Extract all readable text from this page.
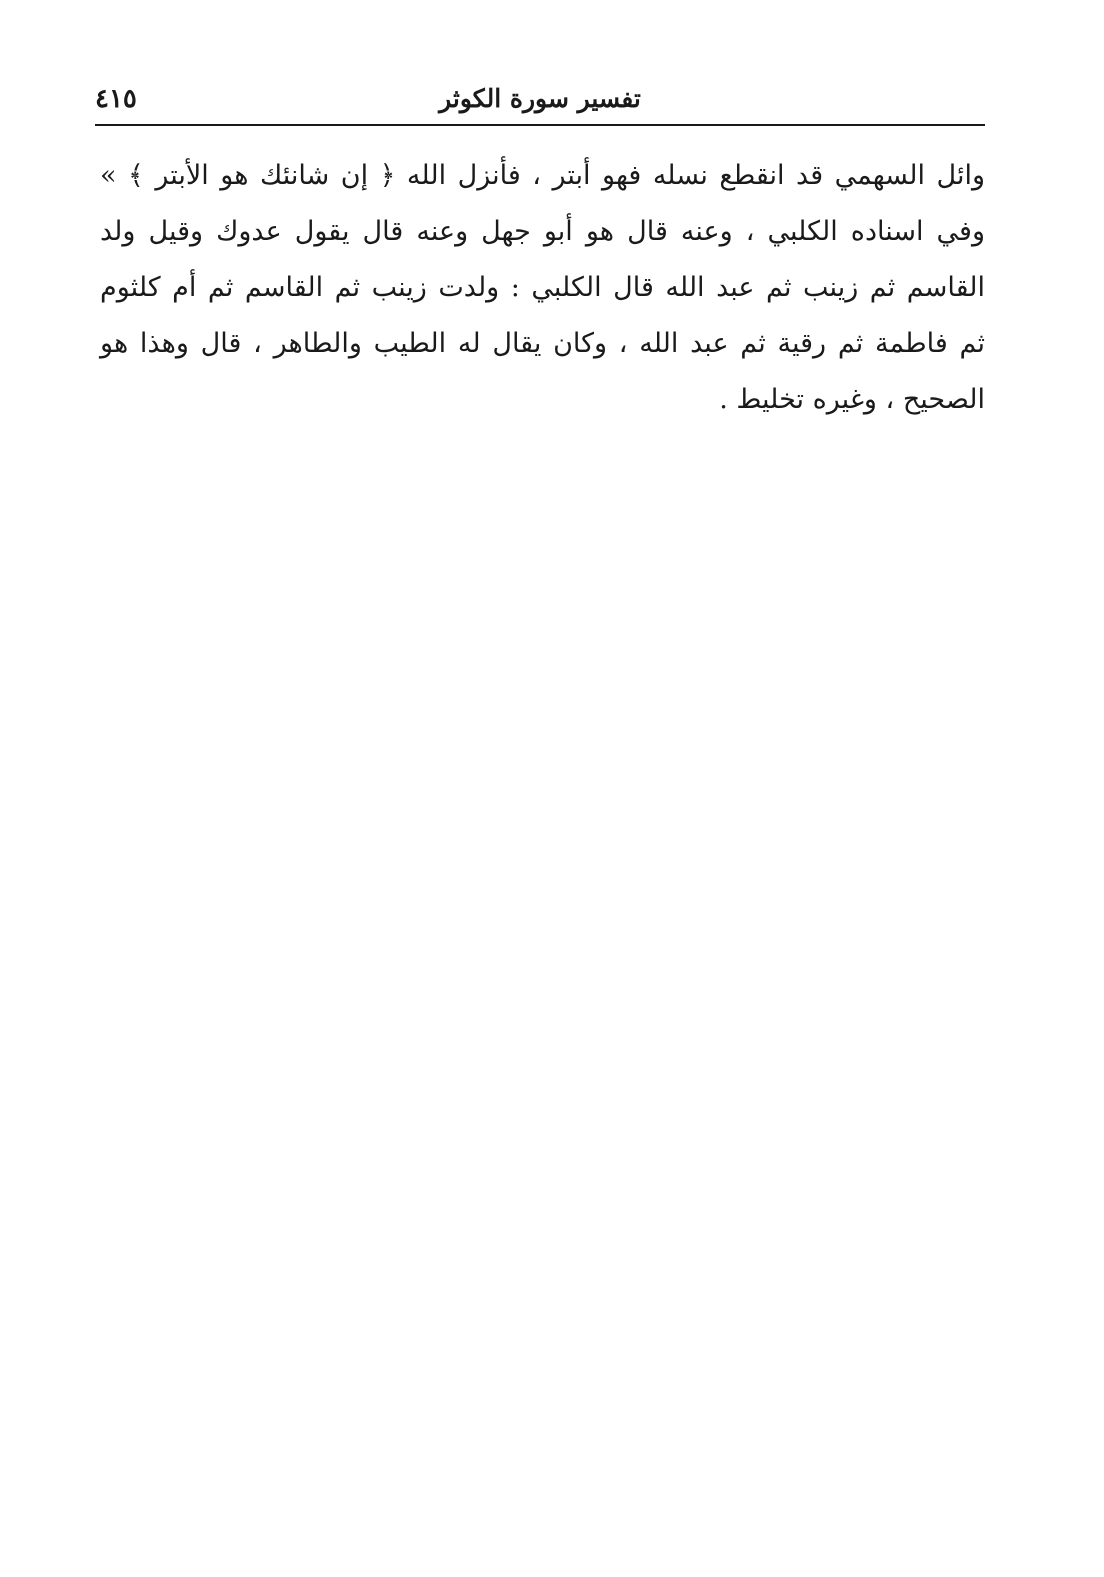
٤١٥	تفسير سورة الكوثر
وائل السهمي قد انقطع نسله فهو أبتر ، فأنزل الله ﴿ إن شانئك هو الأبتر ﴾ »
وفي اسناده الكلبي ، وعنه قال هو أبو جهل وعنه قال يقول عدوك وقيل ولد
القاسم ثم زينب ثم عبد الله قال الكلبي : ولدت زينب ثم القاسم ثم أم كلثوم
ثم فاطمة ثم رقية ثم عبد الله ، وكان يقال له الطيب والطاهر ، قال وهذا هو
الصحيح ، وغيره تخليط .
